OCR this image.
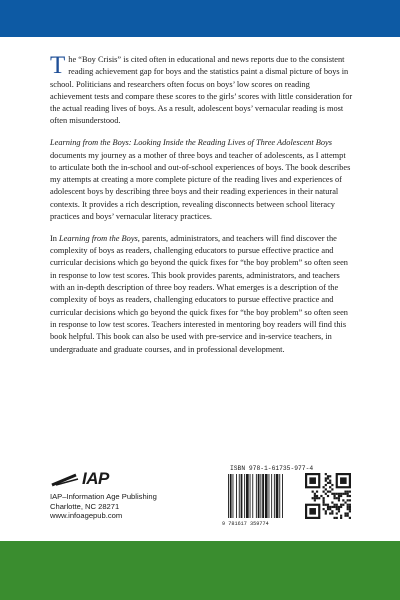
The “Boy Crisis” is cited often in educational and news reports due to the consistent reading achievement gap for boys and the statistics paint a dismal picture of boys in school. Politicians and researchers often focus on boys’ low scores on reading achievement tests and compare these scores to the girls’ scores with little consideration for the actual reading lives of boys. As a result, adolescent boys’ vernacular reading is most often misunderstood.

Learning from the Boys: Looking Inside the Reading Lives of Three Adolescent Boys documents my journey as a mother of three boys and teacher of adolescents, as I attempt to articulate both the in-school and out-of-school experiences of boys. The book describes my attempts at creating a more complete picture of the reading lives and experiences of adolescent boys by describing three boys and their reading experiences in their natural contexts. It provides a rich description, revealing disconnects between school literacy practices and boys’ vernacular literacy practices.

In Learning from the Boys, parents, administrators, and teachers will find discover the complexity of boys as readers, challenging educators to pursue effective practice and curricular decisions which go beyond the quick fixes for “the boy problem” so often seen in response to low test scores. This book provides parents, administrators, and teachers with an in-depth description of three boy readers. What emerges is a description of the complexity of boys as readers, challenging educators to pursue effective practice and curricular decisions which go beyond the quick fixes for “the boy problem” so often seen in response to low test scores. Teachers interested in mentoring boy readers will find this book helpful. This book can also be used with pre-service and in-service teachers, in undergraduate and graduate courses, and in professional development.

IAP
IAP–Information Age Publishing
Charlotte, NC 28271
www.infoagepub.com
ISBN 978-1-61735-977-4
9 781617 359774
